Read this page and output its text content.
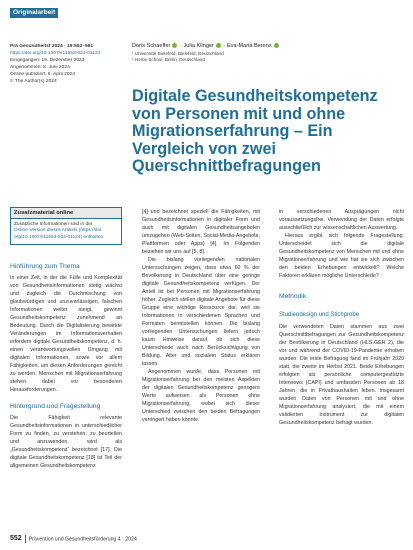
Originalarbeit
Prä Gesundheitsf 2024 · 19:552–561
https://doi.org/10.1007/s11553-024-01124
Eingegangen: 15. Dezember 2023
Angenommen: 8. Juni 2024
Online publiziert: 6. April 2024
© The Author(s) 2024
Doris Schaeffer · Julia Klinger · Eva-Maria Berens
¹ Universität Bielefeld, Bielefeld, Deutschland
² Hertie School, Berlin, Deutschland
Digitale Gesundheitskompetenz von Personen mit und ohne Migrationserfahrung – Ein Vergleich von zwei Querschnittbefragungen
Zusatzmaterial online
Zusätzliche Informationen sind in der
Online-Version dieses Artikels (https://doi.
org/10.1007/s11553-024-01124) enthalten.
Hinführung zum Thema

In einer Zeit, in der die Fülle und Komplexität von Gesundheitsinformationen stetig wächst und zugleich die Durchmischung von glaubwürdigen und unzuverlässigen, falschen Informationen weiter steigt, gewinnt Gesundheitskompetenz zunehmend an Bedeutung. Durch die Digitalisierung bewirkte Veränderungen im Informationsverhalten erfordern digitale Gesundheitskompetenz, d. h. einen verantwortungsvollen Umgang mit digitalen Informationen, sowie vor allem Fähigkeiten, um diesen Anforderungen gerecht zu werden. Menschen mit Migrationserfahrung stehen dabei vor besonderen Herausforderungen.

Hintergrund und Fragestellung

Die Fähigkeit relevante Gesundheitsinformationen in unterschiedlicher Form zu finden, zu verstehen, zu beurteilen und anzuwenden, wird als „Gesundheitskompetenz“ bezeichnet [17]. Die digitale Gesundheitskompetenz [18] ist Teil der allgemeinen Gesundheitskompetenz

[4] und bezeichnet speziell die Fähigkeiten, mit Gesundheitsinformationen in digitaler Form und auch mit digitalen Gesundheitsangeboten umzugehen (Web-Seiten, Social-Media-Angebote, Plattformen oder Apps) [4]. Im Folgenden beziehen wir uns auf [5, 8].

Die bislang vorliegenden nationalen Untersuchungen zeigen, dass etwa 60 % der Bevölkerung in Deutschland über eine geringe digitale Gesundheitskompetenz verfügen. Der Anteil ist bei Personen mit Migrationserfahrung höher. Zugleich stellen digitale Angebote für diese Gruppe eine wichtige Ressource dar, weil sie Informationen in verschiedenen Sprachen und Formaten bereitstellen können. Die bislang vorliegenden Untersuchungen liefern jedoch kaum Hinweise darauf, ob sich diese Unterschiede auch nach Berücksichtigung von Bildung, Alter und sozialem Status erklären lassen.

Angenommen wurde, dass Personen mit Migrationserfahrung bei den meisten Aspekten der digitalen Gesundheitskompetenz geringere Werte aufweisen als Personen ohne Migrationserfahrung, wobei sich dieser Unterschied zwischen den beiden Befragungen verringert haben könnte.

in verschiedenen Ausprägungen nicht voraussetzungsfrei. Verwendung der Daten erfolgte ausschließlich zur wissenschaftlichen Auswertung.

Hieraus ergibt sich folgende Fragestellung: Unterscheidet sich die digitale Gesundheitskompetenz von Menschen mit und ohne Migrationserfahrung und wie hat sie sich zwischen den beiden Erhebungen entwickelt? Welche Faktoren erklären mögliche Unterschiede?

Methodik
Studiendesign und Stichprobe

Die verwendeten Daten stammen aus zwei Querschnittbefragungen zur Gesundheitskompetenz der Bevölkerung in Deutschland (HLS-GER 2), die vor und während der COVID-19-Pandemie erhoben wurden. Die erste Befragung fand im Frühjahr 2020 statt, die zweite im Herbst 2021. Beide Erhebungen erfolgten als persönliche computergestützte Interviews (CAPI) und umfassten Personen ab 18 Jahren, die in Privathaushalten leben. Insgesamt wurden Daten von Personen mit und ohne Migrationserfahrung analysiert, die mit einem validierten Instrument zur digitalen Gesundheitskompetenz befragt wurden.

552 Prävention und Gesundheitsförderung 4 · 2024
